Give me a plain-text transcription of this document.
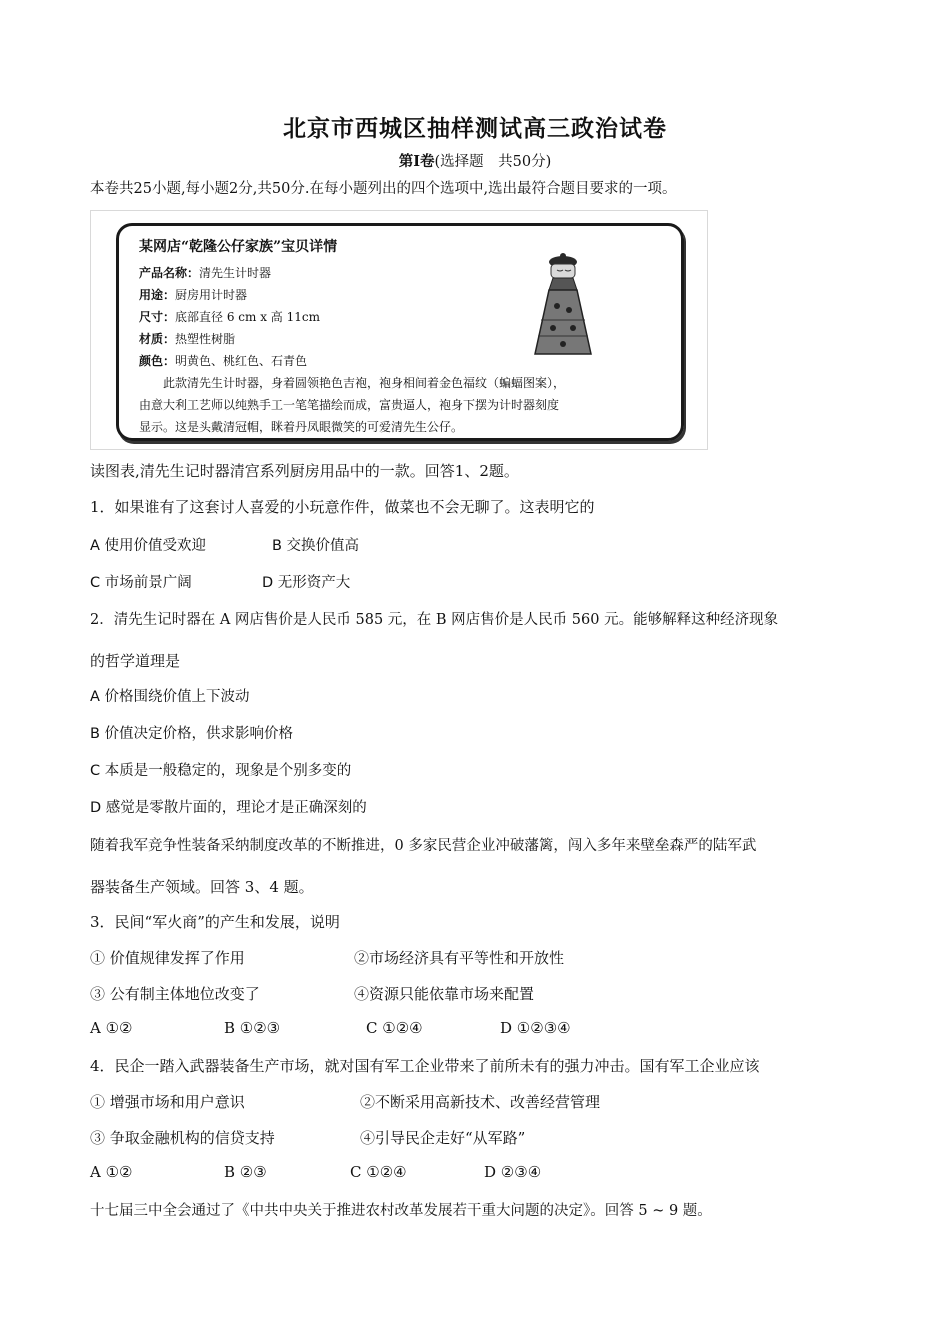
北京市西城区抽样测试高三政治试卷
第Ⅰ卷(选择题　共50分)
本卷共25小题,每小题2分,共50分.在每小题列出的四个选项中,选出最符合题目要求的一项。
某网店“乾隆公仔家族”宝贝详情
产品名称：清先生计时器
用途：厨房用计时器
尺寸：底部直径 6 cm x 高 11cm
材质：热塑性树脂
颜色：明黄色、桃红色、石青色
　　此款清先生计时器，身着圆领艳色吉袍，袍身相间着金色福纹（蝙蝠图案），
由意大利工艺师以纯熟手工一笔笔描绘而成，富贵逼人，袍身下摆为计时器刻度
显示。这是头戴清冠帽，眯着丹凤眼微笑的可爱清先生公仔。
读图表,清先生记时器清宫系列厨房用品中的一款。回答1、2题。
1．如果谁有了这套讨人喜爱的小玩意作件，做菜也不会无聊了。这表明它的
A 使用价值受欢迎	B 交换价值高
C 市场前景广阔	D 无形资产大
2．清先生记时器在 A 网店售价是人民币 585 元，在 B 网店售价是人民币 560 元。能够解释这种经济现象
的哲学道理是
A 价格围绕价值上下波动
B 价值决定价格，供求影响价格
C 本质是一般稳定的，现象是个别多变的
D 感觉是零散片面的，理论才是正确深刻的
随着我军竞争性装备采纳制度改革的不断推进，0 多家民营企业冲破藩篱，闯入多年来壁垒森严的陆军武
器装备生产领域。回答 3、4 题。
3．民间“军火商”的产生和发展，说明
① 价值规律发挥了作用	②市场经济具有平等性和开放性
③ 公有制主体地位改变了	④资源只能依靠市场来配置
A ①②	B ①②③	C ①②④	D ①②③④
4．民企一踏入武器装备生产市场，就对国有军工企业带来了前所未有的强力冲击。国有军工企业应该
① 增强市场和用户意识	②不断采用高新技术、改善经营管理
③ 争取金融机构的信贷支持	④引导民企走好“从军路”
A ①②	B ②③	C ①②④	D ②③④
十七届三中全会通过了《中共中央关于推进农村改革发展若干重大问题的决定》。回答 5 ~ 9 题。
